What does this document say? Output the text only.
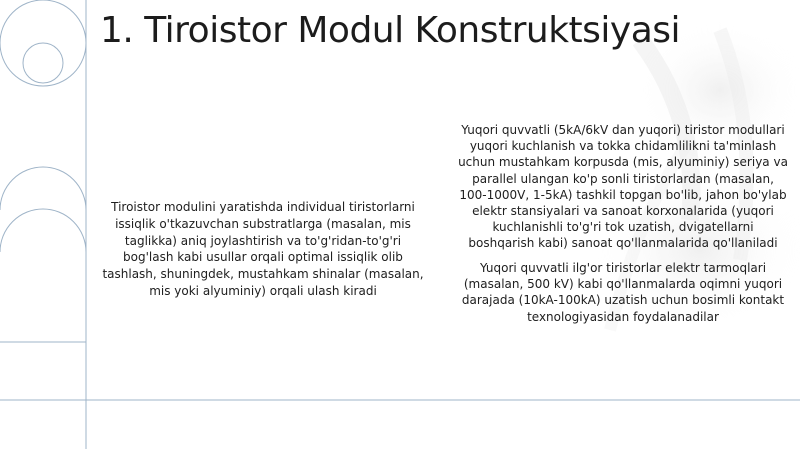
1. Tiroistor Modul Konstruktsiyasi
Tiroistor modulini yaratishda individual tiristorlarni issiqlik o'tkazuvchan substratlarga (masalan, mis taglikka) aniq joylashtirish va to'g'ridan-to'g'ri bog'lash kabi usullar orqali optimal issiqlik olib tashlash, shuningdek, mustahkam shinalar (masalan, mis yoki alyuminiy) orqali ulash kiradi
Yuqori quvvatli (5kA/6kV dan yuqori) tiristor modullari yuqori kuchlanish va tokka chidamlilikni ta'minlash uchun mustahkam korpusda (mis, alyuminiy) seriya va parallel ulangan ko'p sonli tiristorlardan (masalan, 100-1000V, 1-5kA) tashkil topgan bo'lib, jahon bo'ylab elektr stansiyalari va sanoat korxonalarida (yuqori kuchlanishli to'g'ri tok uzatish, dvigatellarni boshqarish kabi) sanoat qo'llanmalarida qo'llaniladi
Yuqori quvvatli ilg'or tiristorlar elektr tarmoqlari (masalan, 500 kV) kabi qo'llanmalarda oqimni yuqori darajada (10kA-100kA) uzatish uchun bosimli kontakt texnologiyasidan foydalanadilar
